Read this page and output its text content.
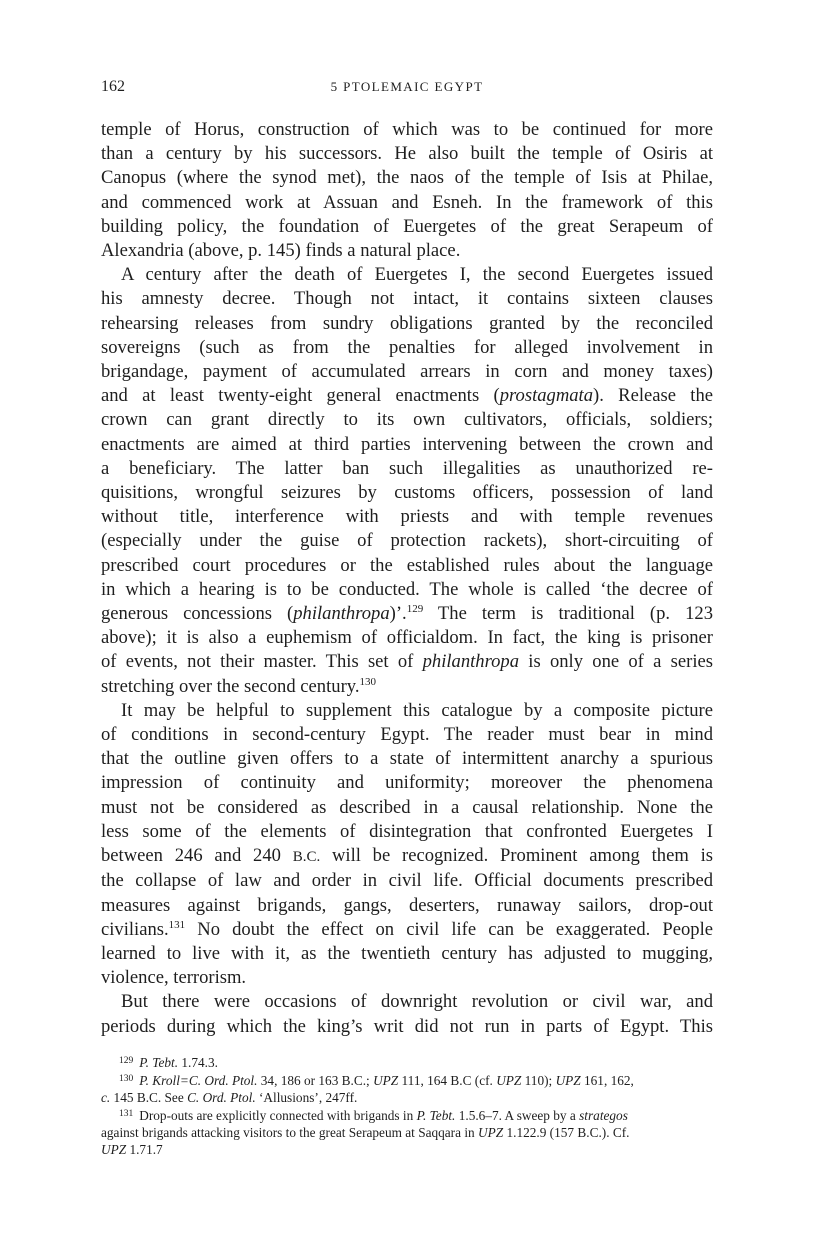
162	5 PTOLEMAIC EGYPT
temple of Horus, construction of which was to be continued for more
than a century by his successors. He also built the temple of Osiris at
Canopus (where the synod met), the naos of the temple of Isis at Philae,
and commenced work at Assuan and Esneh. In the framework of this
building policy, the foundation of Euergetes of the great Serapeum of
Alexandria (above, p. 145) finds a natural place.
A century after the death of Euergetes I, the second Euergetes issued
his amnesty decree. Though not intact, it contains sixteen clauses
rehearsing releases from sundry obligations granted by the reconciled
sovereigns (such as from the penalties for alleged involvement in
brigandage, payment of accumulated arrears in corn and money taxes)
and at least twenty-eight general enactments (prostagmata). Release the
crown can grant directly to its own cultivators, officials, soldiers;
enactments are aimed at third parties intervening between the crown and
a beneficiary. The latter ban such illegalities as unauthorized re-
quisitions, wrongful seizures by customs officers, possession of land
without title, interference with priests and with temple revenues
(especially under the guise of protection rackets), short-circuiting of
prescribed court procedures or the established rules about the language
in which a hearing is to be conducted. The whole is called ‘the decree of
generous concessions (philanthropa)’.$^{129}$ The term is traditional (p. 123
above); it is also a euphemism of officialdom. In fact, the king is prisoner
of events, not their master. This set of philanthropa is only one of a series
stretching over the second century.$^{130}$
It may be helpful to supplement this catalogue by a composite picture
of conditions in second-century Egypt. The reader must bear in mind
that the outline given offers to a state of intermittent anarchy a spurious
impression of continuity and uniformity; moreover the phenomena
must not be considered as described in a causal relationship. None the
less some of the elements of disintegration that confronted Euergetes I
between 246 and 240 B.C. will be recognized. Prominent among them is
the collapse of law and order in civil life. Official documents prescribed
measures against brigands, gangs, deserters, runaway sailors, drop-out
civilians.$^{131}$ No doubt the effect on civil life can be exaggerated. People
learned to live with it, as the twentieth century has adjusted to mugging,
violence, terrorism.
But there were occasions of downright revolution or civil war, and
periods during which the king’s writ did not run in parts of Egypt. This
$^{129}$ P. Tebt. 1.74.3.
$^{130}$ P. Kroll=C. Ord. Ptol. 34, 186 or 163 B.C.; UPZ 111, 164 B.C (cf. UPZ 110); UPZ 161, 162,
c. 145 B.C. See C. Ord. Ptol. ‘Allusions’, 247ff.
$^{131}$ Drop-outs are explicitly connected with brigands in P. Tebt. 1.5.6–7. A sweep by a strategos
against brigands attacking visitors to the great Serapeum at Saqqara in UPZ 1.122.9 (157 B.C.). Cf.
UPZ 1.71.7
